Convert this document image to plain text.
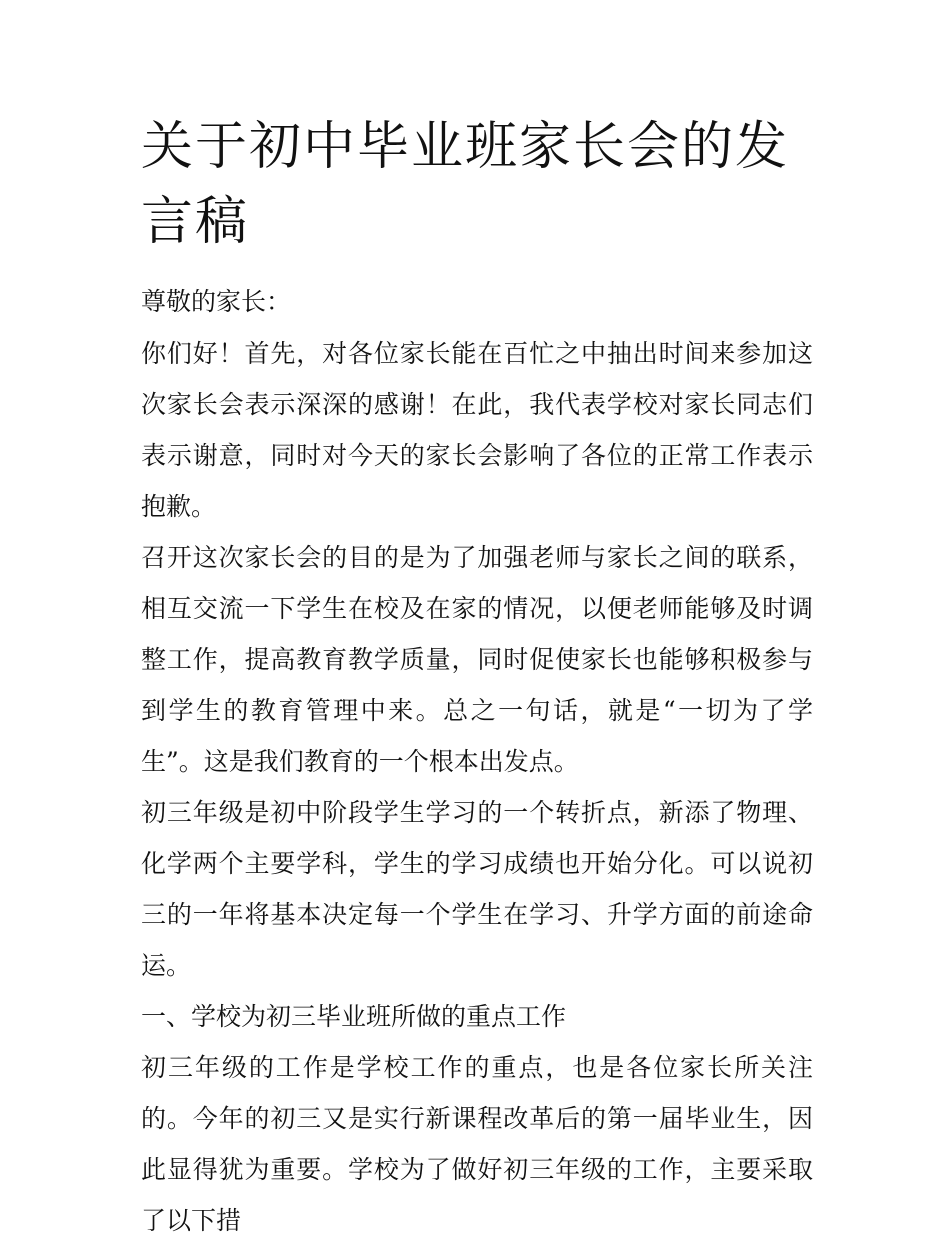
关于初中毕业班家长会的发言稿

尊敬的家长：

你们好！首先，对各位家长能在百忙之中抽出时间来参加这次家长会表示深深的感谢！在此，我代表学校对家长同志们表示谢意，同时对今天的家长会影响了各位的正常工作表示抱歉。

召开这次家长会的目的是为了加强老师与家长之间的联系，相互交流一下学生在校及在家的情况，以便老师能够及时调整工作，提高教育教学质量，同时促使家长也能够积极参与到学生的教育管理中来。总之一句话，就是“一切为了学生”。这是我们教育的一个根本出发点。

初三年级是初中阶段学生学习的一个转折点，新添了物理、化学两个主要学科，学生的学习成绩也开始分化。可以说初三的一年将基本决定每一个学生在学习、升学方面的前途命运。

一、学校为初三毕业班所做的重点工作

初三年级的工作是学校工作的重点，也是各位家长所关注的。今年的初三又是实行新课程改革后的第一届毕业生，因此显得犹为重要。学校为了做好初三年级的工作，主要采取了以下措
